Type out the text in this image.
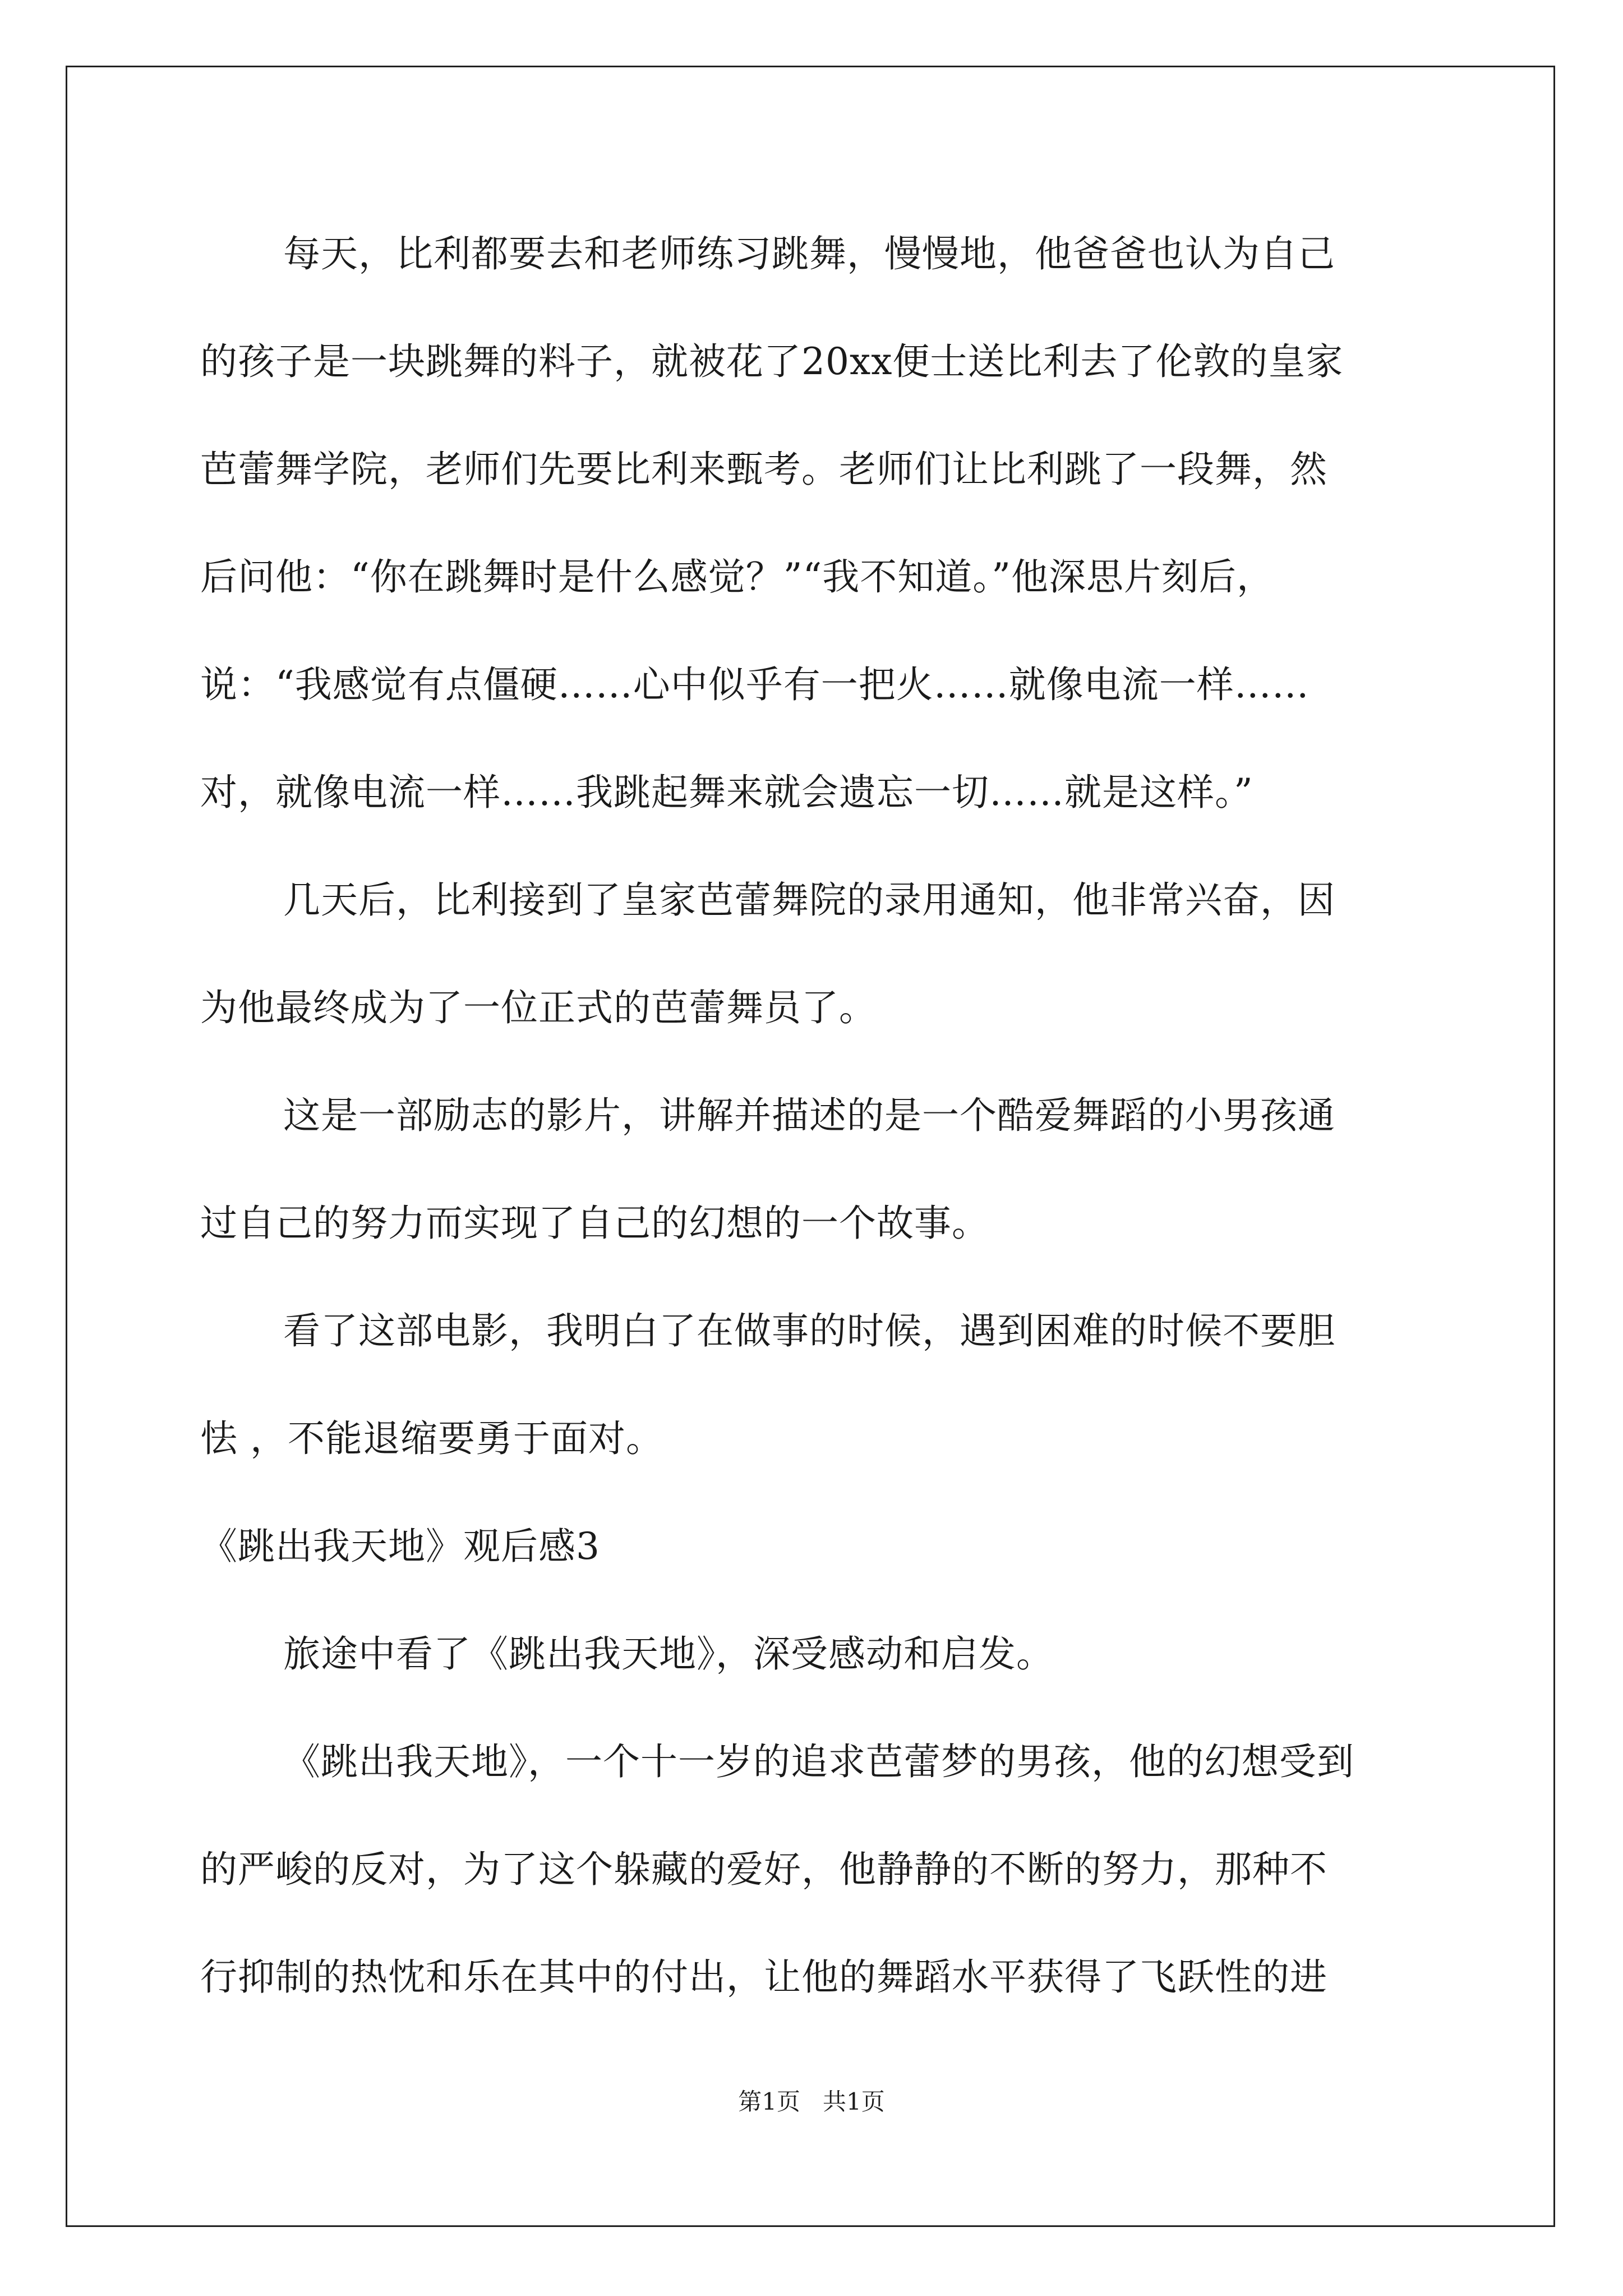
每天，比利都要去和老师练习跳舞，慢慢地，他爸爸也认为自己
的孩子是一块跳舞的料子，就被花了20xx便士送比利去了伦敦的皇家
芭蕾舞学院，老师们先要比利来甄考。老师们让比利跳了一段舞，然
后问他：“你在跳舞时是什么感觉？”“我不知道。”他深思片刻后，
说：“我感觉有点僵硬……心中似乎有一把火……就像电流一样……
对，就像电流一样……我跳起舞来就会遗忘一切……就是这样。”
几天后，比利接到了皇家芭蕾舞院的录用通知，他非常兴奋，因
为他最终成为了一位正式的芭蕾舞员了。
这是一部励志的影片，讲解并描述的是一个酷爱舞蹈的小男孩通
过自己的努力而实现了自己的幻想的一个故事。
看了这部电影，我明白了在做事的时候，遇到困难的时候不要胆
怯 ，不能退缩要勇于面对。
《跳出我天地》观后感3
旅途中看了《跳出我天地》，深受感动和启发。
《跳出我天地》，一个十一岁的追求芭蕾梦的男孩，他的幻想受到
的严峻的反对，为了这个躲藏的爱好，他静静的不断的努力，那种不
行抑制的热忱和乐在其中的付出，让他的舞蹈水平获得了飞跃性的进
第1页   共1页
